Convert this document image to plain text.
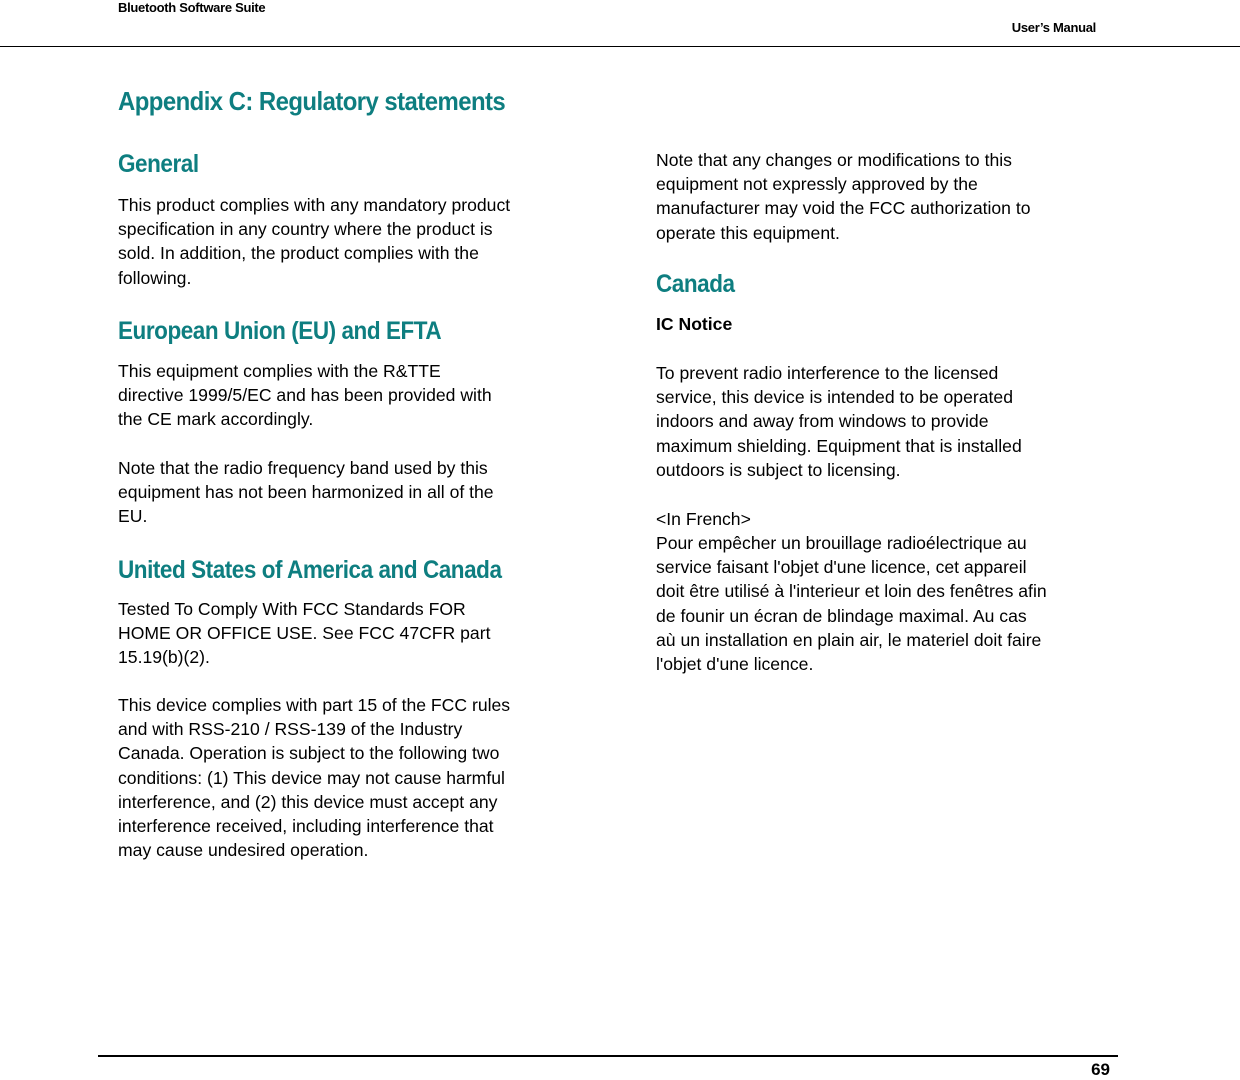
Bluetooth Software Suite
User’s Manual
Appendix C: Regulatory statements
General

This product complies with any mandatory product
specification in any country where the product is
sold. In addition, the product complies with the
following.

European Union (EU) and EFTA

This equipment complies with the R&TTE
directive 1999/5/EC and has been provided with
the CE mark accordingly.

Note that the radio frequency band used by this
equipment has not been harmonized in all of the
EU.

United States of America and Canada

Tested To Comply With FCC Standards FOR
HOME OR OFFICE USE. See FCC 47CFR part
15.19(b)(2).

This device complies with part 15 of the FCC rules
and with RSS-210 / RSS-139 of the Industry
Canada. Operation is subject to the following two
conditions: (1) This device may not cause harmful
interference, and (2) this device must accept any
interference received, including interference that
may cause undesired operation.

Note that any changes or modifications to this
equipment not expressly approved by the
manufacturer may void the FCC authorization to
operate this equipment.

Canada

IC Notice

To prevent radio interference to the licensed
service, this device is intended to be operated
indoors and away from windows to provide
maximum shielding. Equipment that is installed
outdoors is subject to licensing.

<In French>

Pour empêcher un brouillage radioélectrique au
service faisant l'objet d'une licence, cet appareil
doit être utilisé à l'interieur et loin des fenêtres afin
de founir un écran de blindage maximal. Au cas
aù un installation en plain air, le materiel doit faire
l'objet d'une licence.

69
